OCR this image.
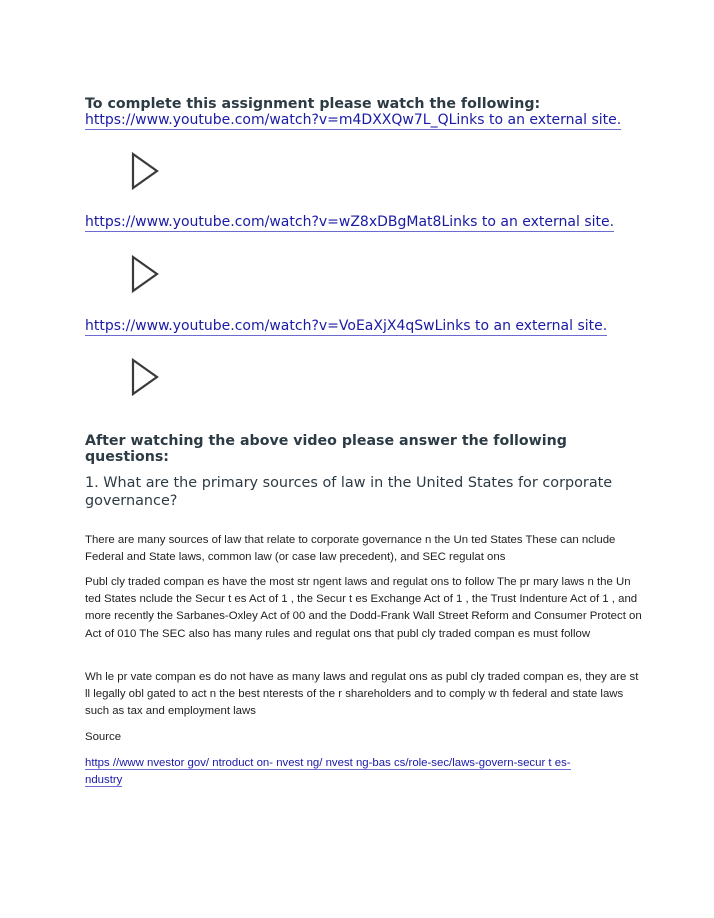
To complete this assignment please watch the following:
https://www.youtube.com/watch?v=m4DXXQw7L_QLinks to an external site.
https://www.youtube.com/watch?v=wZ8xDBgMat8Links to an external site.
https://www.youtube.com/watch?v=VoEaXjX4qSwLinks to an external site.
After watching the above video please answer the following questions:
1. What are the primary sources of law in the United States for corporate governance?
There are many sources of law that relate to corporate governance n the Un ted States These can nclude Federal and State laws, common law (or case law precedent), and SEC regulat ons
Publ cly traded compan es have the most str ngent laws and regulat ons to follow The pr mary laws n the Un ted States nclude the Secur t es Act of 1 , the Secur t es Exchange Act of 1 , the Trust Indenture Act of 1 , and more recently the Sarbanes-Oxley Act of 00 and the Dodd-Frank Wall Street Reform and Consumer Protect on Act of 010 The SEC also has many rules and regulat ons that publ cly traded compan es must follow
Wh le pr vate compan es do not have as many laws and regulat ons as publ cly traded compan es, they are st ll legally obl gated to act n the best nterests of the r shareholders and to comply w th federal and state laws such as tax and employment laws
Source
https //www nvestor gov/ ntroduct on- nvest ng/ nvest ng-bas cs/role-sec/laws-govern-secur t es-
ndustry
